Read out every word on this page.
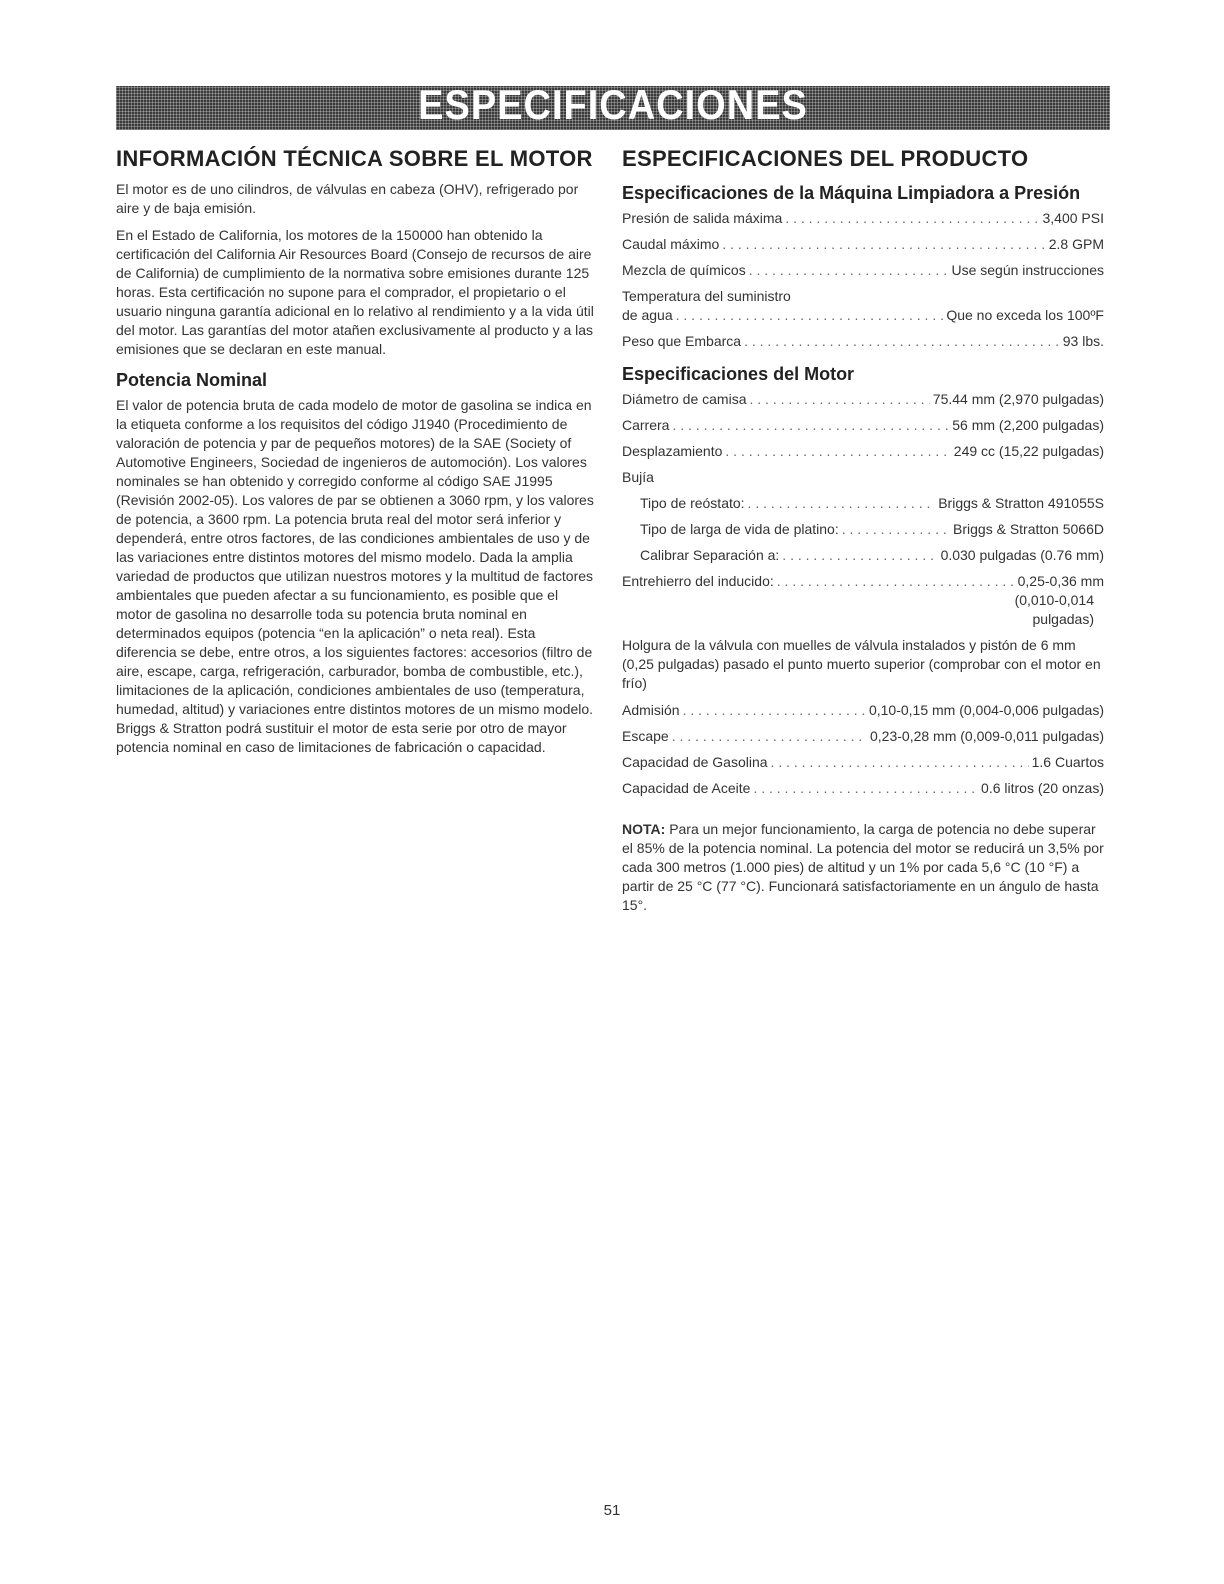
ESPECIFICACIONES
INFORMACIÓN TÉCNICA SOBRE EL MOTOR

El motor es de uno cilindros, de válvulas en cabeza (OHV), refrigerado por aire y de baja emisión.

En el Estado de California, los motores de la 150000 han obtenido la certificación del California Air Resources Board (Consejo de recursos de aire de California) de cumplimiento de la normativa sobre emisiones durante 125 horas. Esta certificación no supone para el comprador, el propietario o el usuario ninguna garantía adicional en lo relativo al rendimiento y a la vida útil del motor. Las garantías del motor atañen exclusivamente al producto y a las emisiones que se declaran en este manual.

Potencia Nominal

El valor de potencia bruta de cada modelo de motor de gasolina se indica en la etiqueta conforme a los requisitos del código J1940 (Procedimiento de valoración de potencia y par de pequeños motores) de la SAE (Society of Automotive Engineers, Sociedad de ingenieros de automoción). Los valores nominales se han obtenido y corregido conforme al código SAE J1995 (Revisión 2002-05). Los valores de par se obtienen a 3060 rpm, y los valores de potencia, a 3600 rpm. La potencia bruta real del motor será inferior y dependerá, entre otros factores, de las condiciones ambientales de uso y de las variaciones entre distintos motores del mismo modelo. Dada la amplia variedad de productos que utilizan nuestros motores y la multitud de factores ambientales que pueden afectar a su funcionamiento, es posible que el motor de gasolina no desarrolle toda su potencia bruta nominal en determinados equipos (potencia “en la aplicación” o neta real). Esta diferencia se debe, entre otros, a los siguientes factores: accesorios (filtro de aire, escape, carga, refrigeración, carburador, bomba de combustible, etc.), limitaciones de la aplicación, condiciones ambientales de uso (temperatura, humedad, altitud) y variaciones entre distintos motores de un mismo modelo. Briggs & Stratton podrá sustituir el motor de esta serie por otro de mayor potencia nominal en caso de limitaciones de fabricación o capacidad.

ESPECIFICACIONES DEL PRODUCTO
Especificaciones de la Máquina Limpiadora a Presión
Presión de salida máxima . . .	3,400 PSI
Caudal máximo . . .	2.8 GPM
Mezcla de químicos . . .	Use según instrucciones
Temperatura del suministro
de agua . . .	Que no exceda los 100ºF
Peso que Embarca . . .	93 lbs.
Especificaciones del Motor
Diámetro de camisa . . .	75.44 mm (2,970 pulgadas)
Carrera . . .	56 mm (2,200 pulgadas)
Desplazamiento . . .	249 cc (15,22 pulgadas)
Bujía
Tipo de reóstato: . . .	Briggs & Stratton 491055S
Tipo de larga de vida de platino: . . .	Briggs & Stratton 5066D
Calibrar Separación a: . . .	0.030 pulgadas (0.76 mm)
Entrehierro del inducido: . . .	0,25-0,36 mm
(0,010-0,014
pulgadas)

Holgura de la válvula con muelles de válvula instalados y pistón de 6 mm (0,25 pulgadas) pasado el punto muerto superior (comprobar con el motor en frío)

Admisión . . .	0,10-0,15 mm (0,004-0,006 pulgadas)
Escape . . .	0,23-0,28 mm (0,009-0,011 pulgadas)
Capacidad de Gasolina . . .	1.6 Cuartos
Capacidad de Aceite . . .	0.6 litros (20 onzas)

NOTA: Para un mejor funcionamiento, la carga de potencia no debe superar el 85% de la potencia nominal. La potencia del motor se reducirá un 3,5% por cada 300 metros (1.000 pies) de altitud y un 1% por cada 5,6 °C (10 °F) a partir de 25 °C (77 °C). Funcionará satisfactoriamente en un ángulo de hasta 15°.

51
